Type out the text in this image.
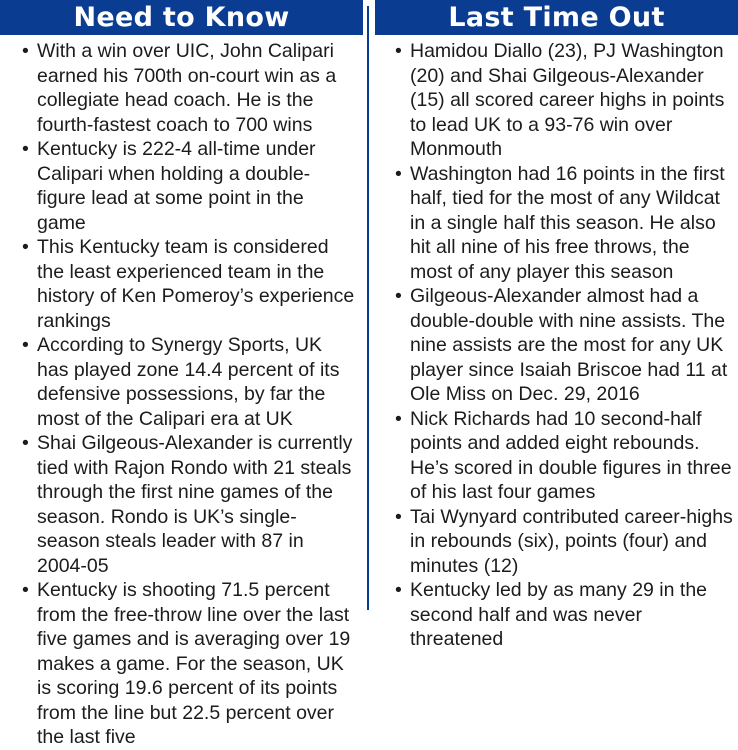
Need to Know
• With a win over UIC, John Calipari earned his 700th on-court win as a collegiate head coach. He is the fourth-fastest coach to 700 wins
• Kentucky is 222-4 all-time under Calipari when holding a double-figure lead at some point in the game
• This Kentucky team is considered the least experienced team in the history of Ken Pomeroy’s experience rankings
• According to Synergy Sports, UK has played zone 14.4 percent of its defensive possessions, by far the most of the Calipari era at UK
• Shai Gilgeous-Alexander is currently tied with Rajon Rondo with 21 steals through the first nine games of the season. Rondo is UK’s single-season steals leader with 87 in 2004-05
• Kentucky is shooting 71.5 percent from the free-throw line over the last five games and is averaging over 19 makes a game. For the season, UK is scoring 19.6 percent of its points from the line but 22.5 percent over the last five
Last Time Out
• Hamidou Diallo (23), PJ Washington (20) and Shai Gilgeous-Alexander (15) all scored career highs in points to lead UK to a 93-76 win over Monmouth
• Washington had 16 points in the first half, tied for the most of any Wildcat in a single half this season. He also hit all nine of his free throws, the most of any player this season
• Gilgeous-Alexander almost had a double-double with nine assists. The nine assists are the most for any UK player since Isaiah Briscoe had 11 at Ole Miss on Dec. 29, 2016
• Nick Richards had 10 second-half points and added eight rebounds. He’s scored in double figures in three of his last four games
• Tai Wynyard contributed career-highs in rebounds (six), points (four) and minutes (12)
• Kentucky led by as many 29 in the second half and was never threatened
